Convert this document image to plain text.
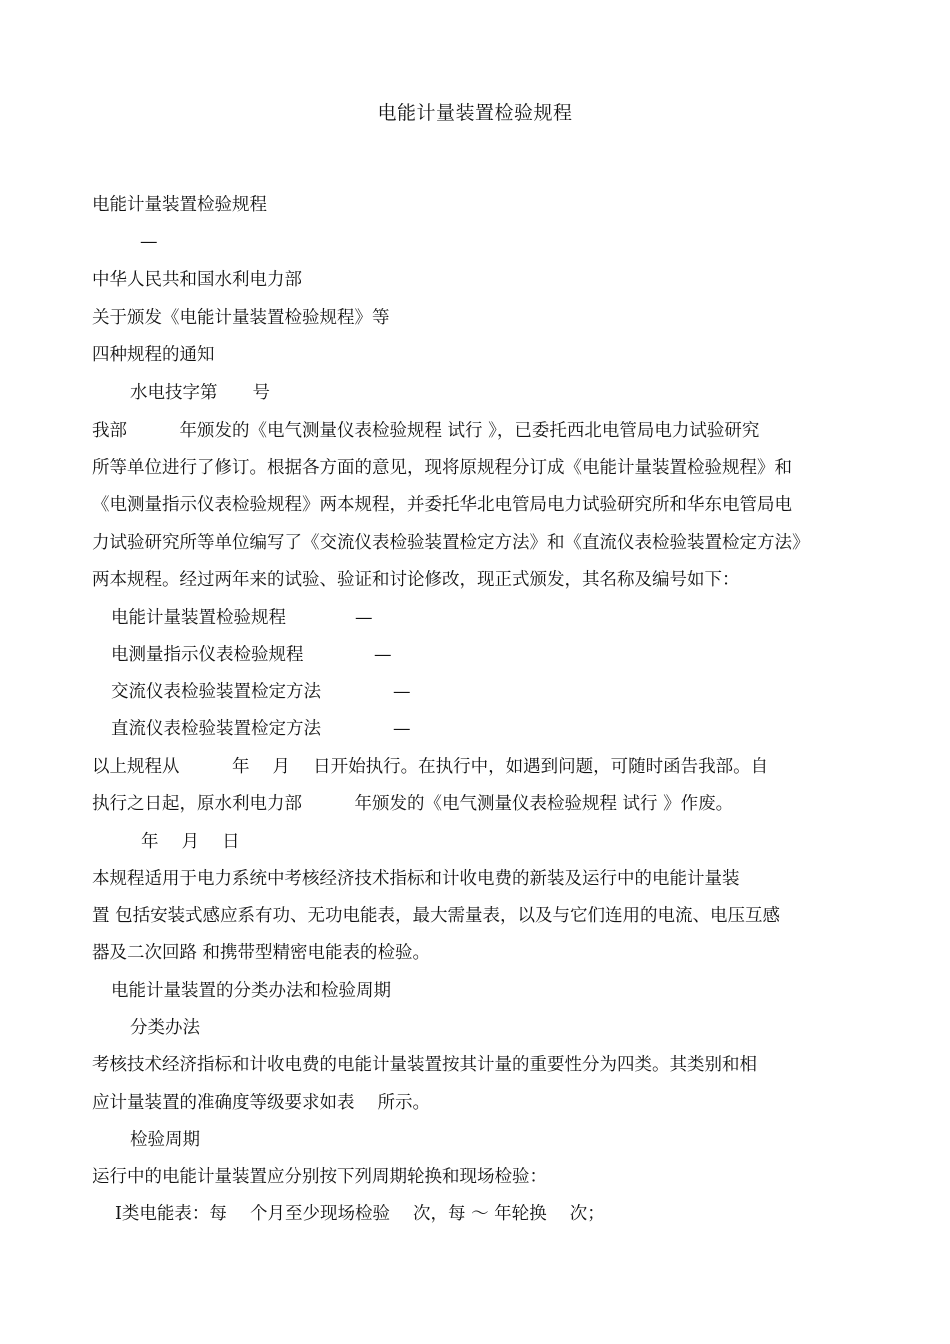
电能计量装置检验规程
电能计量装置检验规程
—
中华人民共和国水利电力部
关于颁发《电能计量装置检验规程》等
四种规程的通知
水电技字第　　号
我部　　　年颁发的《电气测量仪表检验规程 试行 》，已委托西北电管局电力试验研究
所等单位进行了修订。根据各方面的意见，现将原规程分订成《电能计量装置检验规程》和
《电测量指示仪表检验规程》两本规程，并委托华北电管局电力试验研究所和华东电管局电
力试验研究所等单位编写了《交流仪表检验装置检定方法》和《直流仪表检验装置检定方法》
两本规程。经过两年来的试验、验证和讨论修改，现正式颁发，其名称及编号如下：
电能计量装置检验规程	—
电测量指示仪表检验规程	—
交流仪表检验装置检定方法	—
直流仪表检验装置检定方法	—
以上规程从　　　年　 月　 日开始执行。在执行中，如遇到问题，可随时函告我部。自
执行之日起，原水利电力部　　　年颁发的《电气测量仪表检验规程 试行 》作废。
年　 月　 日
本规程适用于电力系统中考核经济技术指标和计收电费的新装及运行中的电能计量装
置 包括安装式感应系有功、无功电能表，最大需量表，以及与它们连用的电流、电压互感
器及二次回路 和携带型精密电能表的检验。
电能计量装置的分类办法和检验周期
分类办法
考核技术经济指标和计收电费的电能计量装置按其计量的重要性分为四类。其类别和相
应计量装置的准确度等级要求如表　 所示。
检验周期
运行中的电能计量装置应分别按下列周期轮换和现场检验：
Ⅰ类电能表：每　 个月至少现场检验　 次，每 ～ 年轮换　 次；
